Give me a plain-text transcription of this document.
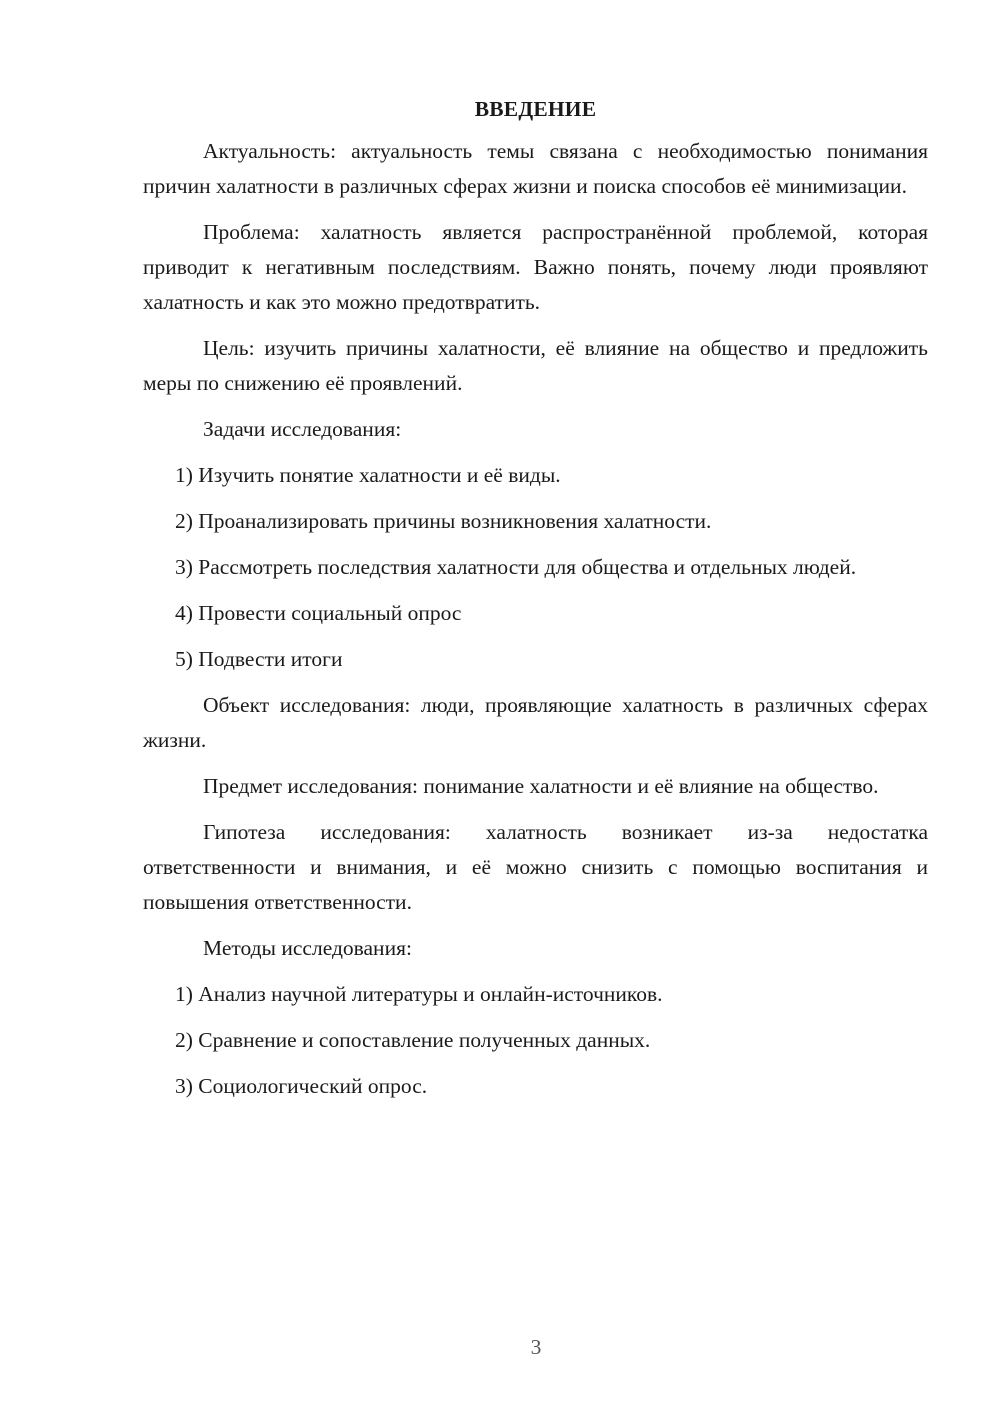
ВВЕДЕНИЕ

Актуальность: актуальность темы связана с необходимостью понимания причин халатности в различных сферах жизни и поиска способов её минимизации.

Проблема: халатность является распространённой проблемой, которая приводит к негативным последствиям. Важно понять, почему люди проявляют халатность и как это можно предотвратить.

Цель: изучить причины халатности, её влияние на общество и предложить меры по снижению её проявлений.

Задачи исследования:

1) Изучить понятие халатности и её виды.

2) Проанализировать причины возникновения халатности.

3) Рассмотреть последствия халатности для общества и отдельных людей.

4) Провести социальный опрос

5) Подвести итоги

Объект исследования: люди, проявляющие халатность в различных сферах жизни.

Предмет исследования: понимание халатности и её влияние на общество.

Гипотеза исследования: халатность возникает из-за недостатка ответственности и внимания, и её можно снизить с помощью воспитания и повышения ответственности.

Методы исследования:

1) Анализ научной литературы и онлайн-источников.

2) Сравнение и сопоставление полученных данных.

3) Социологический опрос.

3
